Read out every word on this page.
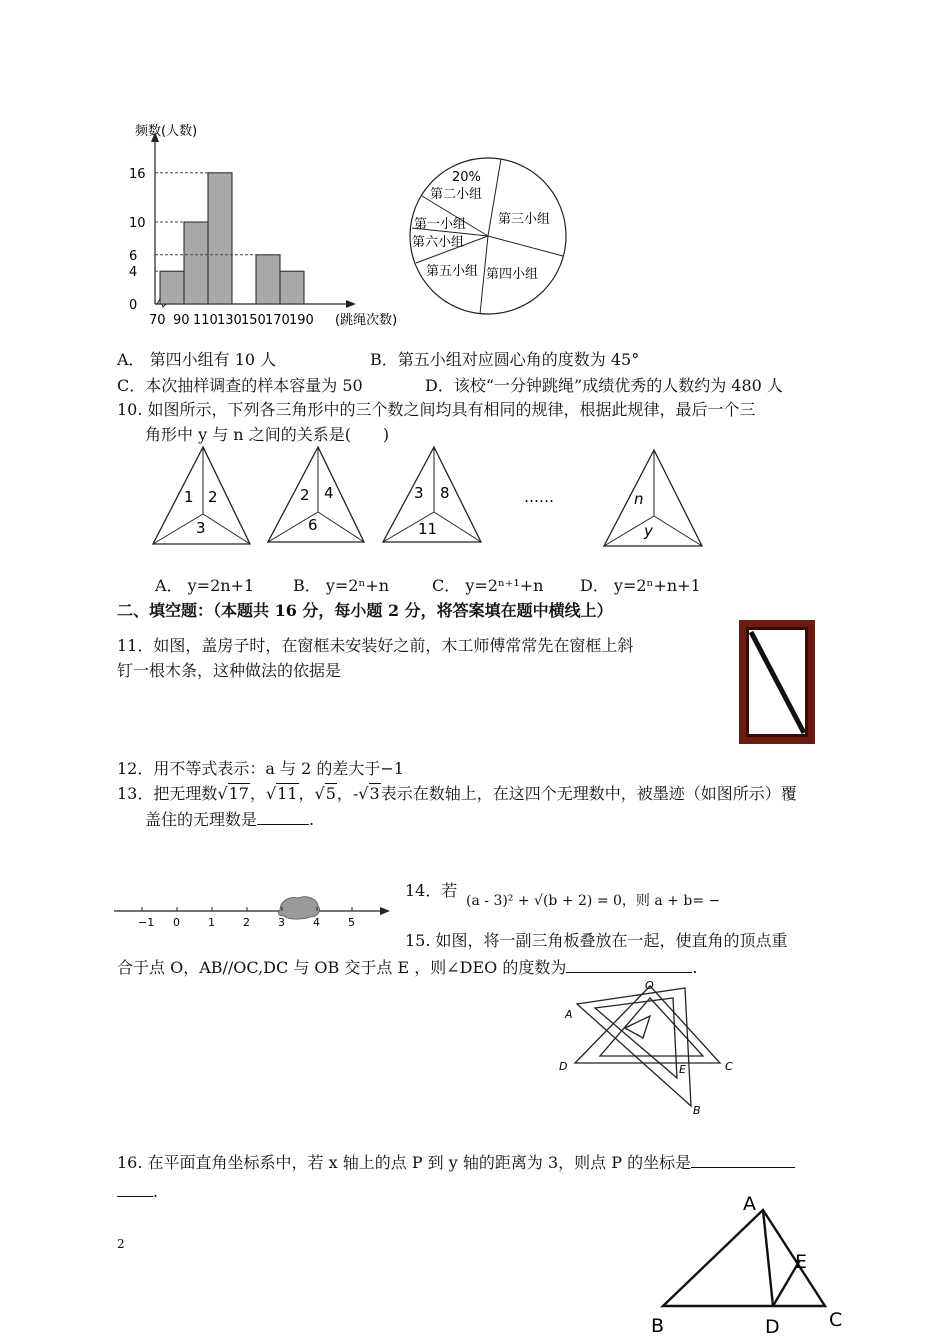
0
4
6
10
16
70 90 110 130 150 170 190 (跳绳次数)
频数(人数)
20%
第二小组
第一小组
第六小组
第五小组 第四小组
第三小组
A． 第四小组有 10 人	B．第五小组对应圆心角的度数为 45°
C．本次抽样调查的样本容量为 50	D．该校“一分钟跳绳”成绩优秀的人数约为 480 人
10. 如图所示，下列各三角形中的三个数之间均具有相同的规律，根据此规律，最后一个三
角形中 y 与 n 之间的关系是(　　)
1 2
3
2 4
6
3 8
11
……	n
y
A． y=2n+1 B． y=2ⁿ+n	C． y=2ⁿ⁺¹+n D． y=2ⁿ+n+1
二、填空题：（本题共 16 分，每小题 2 分，将答案填在题中横线上）
11．如图，盖房子时，在窗框未安装好之前，木工师傅常常先在窗框上斜
钉一根木条，这种做法的依据是
12．用不等式表示：a 与 2 的差大于−1
13．把无理数√17，√11，√5，-√3表示在数轴上，在这四个无理数中，被墨迹（如图所示）覆
盖住的无理数是	.
−1 0	1	2	3	4	5
14．若
(a - 3)² + √(b + 2) = 0，则 a + b= −
15. 如图，将一副三角板叠放在一起，使直角的顶点重
合于点 O，AB//OC,DC 与 OB 交于点 E ，则∠DEO 的度数为	.
O
A
D	E	C
B
16. 在平面直角坐标系中，若 x 轴上的点 P 到 y 轴的距离为 3，则点 P 的坐标是
.
2
A
E
B	D	C
